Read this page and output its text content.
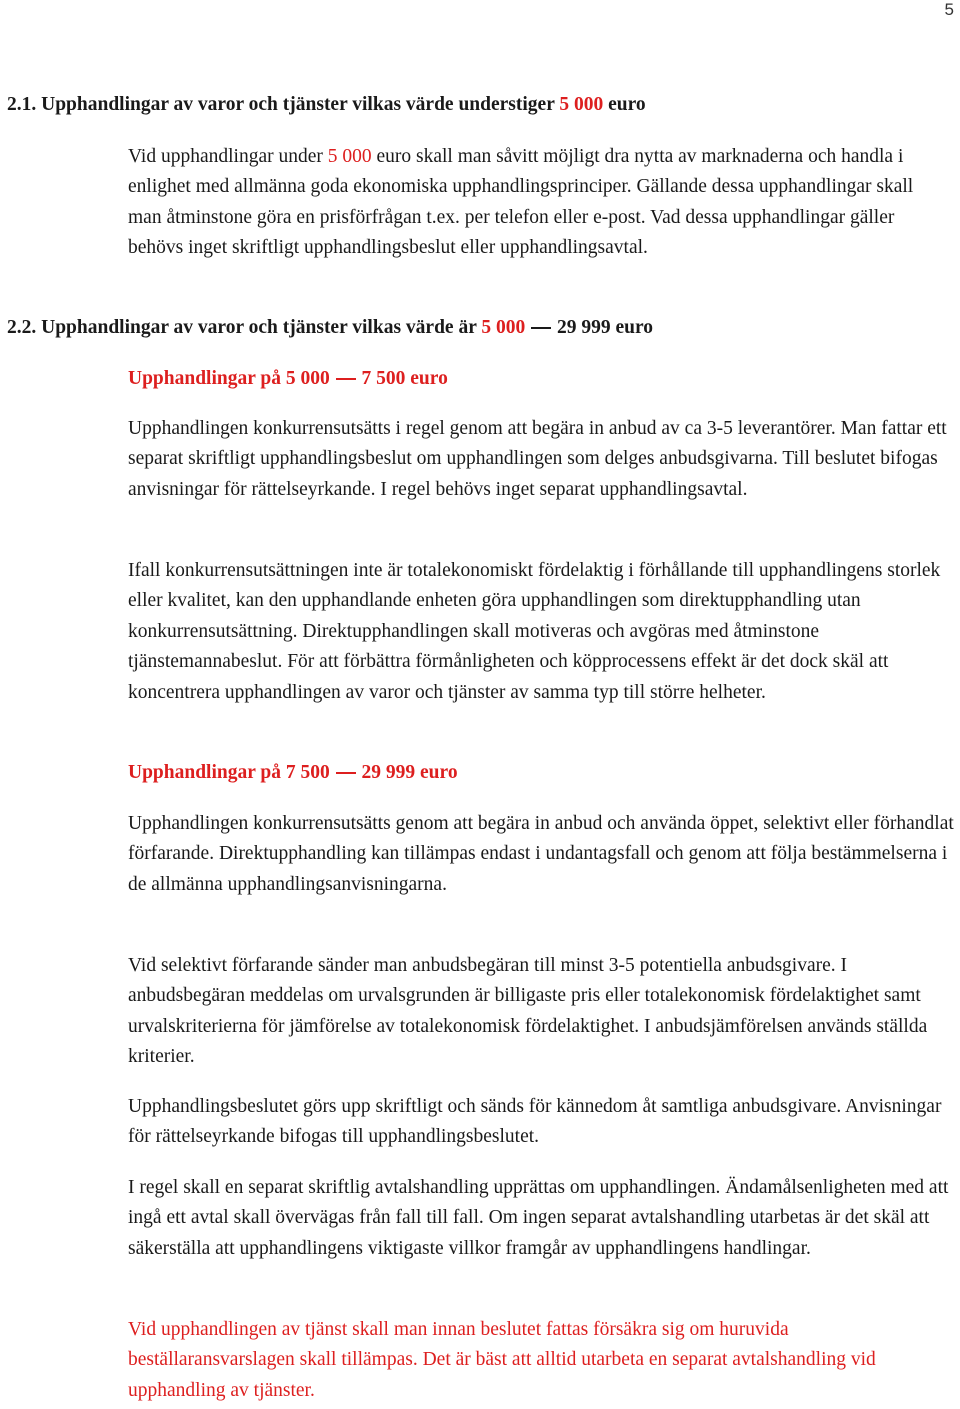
5

2.1. Upphandlingar av varor och tjänster vilkas värde understiger 5 000 euro

Vid upphandlingar under 5 000 euro skall man såvitt möjligt dra nytta av marknaderna och handla i enlighet med allmänna goda ekonomiska upphandlingsprinciper. Gällande dessa upphandlingar skall man åtminstone göra en prisförfrågan t.ex. per telefon eller e-post. Vad dessa upphandlingar gäller behövs inget skriftligt upphandlingsbeslut eller upphandlingsavtal.

2.2. Upphandlingar av varor och tjänster vilkas värde är 5 000 29 999 euro

Upphandlingar på 5 000 7 500 euro

Upphandlingen konkurrensutsätts i regel genom att begära in anbud av ca 3-5 leverantörer. Man fattar ett separat skriftligt upphandlingsbeslut om upphandlingen som delges anbudsgivarna. Till beslutet bifogas anvisningar för rättelseyrkande. I regel behövs inget separat upphandlingsavtal.

Ifall konkurrensutsättningen inte är totalekonomiskt fördelaktig i förhållande till upphandlingens storlek eller kvalitet, kan den upphandlande enheten göra upphandlingen som direktupphandling utan konkurrensutsättning. Direktupphandlingen skall motiveras och avgöras med åtminstone tjänstemannabeslut. För att förbättra förmånligheten och köpprocessens effekt är det dock skäl att koncentrera upphandlingen av varor och tjänster av samma typ till större helheter.

Upphandlingar på 7 500 29 999 euro

Upphandlingen konkurrensutsätts genom att begära in anbud och använda öppet, selektivt eller förhandlat förfarande. Direktupphandling kan tillämpas endast i undantagsfall och genom att följa bestämmelserna i de allmänna upphandlingsanvisningarna.

Vid selektivt förfarande sänder man anbudsbegäran till minst 3-5 potentiella anbudsgivare. I anbudsbegäran meddelas om urvalsgrunden är billigaste pris eller totalekonomisk fördelaktighet samt urvalskriterierna för jämförelse av totalekonomisk fördelaktighet. I anbudsjämförelsen används ställda kriterier.

Upphandlingsbeslutet görs upp skriftligt och sänds för kännedom åt samtliga anbudsgivare. Anvisningar för rättelseyrkande bifogas till upphandlingsbeslutet.

I regel skall en separat skriftlig avtalshandling upprättas om upphandlingen. Ändamålsenligheten med att ingå ett avtal skall övervägas från fall till fall. Om ingen separat avtalshandling utarbetas är det skäl att säkerställa att upphandlingens viktigaste villkor framgår av upphandlingens handlingar.

Vid upphandlingen av tjänst skall man innan beslutet fattas försäkra sig om huruvida beställaransvarslagen skall tillämpas. Det är bäst att alltid utarbeta en separat avtalshandling vid upphandling av tjänster.
